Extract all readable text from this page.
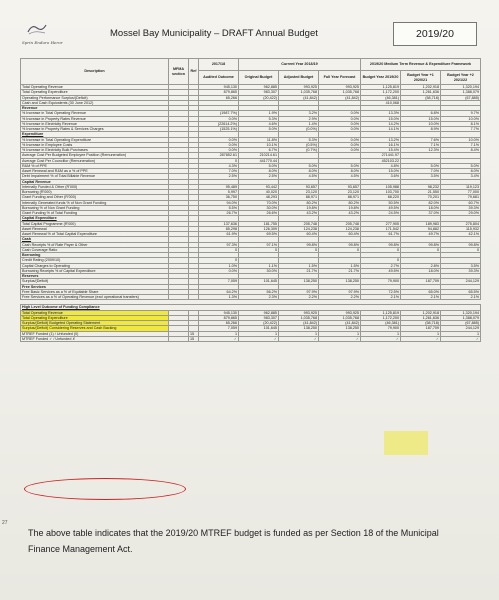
Sprin Enduro Heror
Mossel Bay Municipality – DRAFT Annual Budget	2019/20
Description	MFMA section	Ref	2017/18	Current Year 2018/19			2019/20 Medium Term Revenue & Expenditure Framework		
			Audited Outcome	Original Budget	Adjusted Budget	Full Year Forecast	Budget Year 2019/20	Budget Year +1 2020/21	Budget Year +2 2021/22
Total Operating Revenue			945,130	962,885	993,925	993,925	1,125,819	1,202,918	1,320,194
Total Operating Expenditure			879,865	983,307	1,035,768	1,035,768	1,172,200	1,261,636	1,388,079
Operating Performance Surplus/(Deficit)			65,266	(20,422)	(41,842)	(41,842)	(46,381)	(58,718)	(67,885)
Cash and Cash Equivalents (30 June 2012)							410,068		
Revenue									
% Increase in Total Operating Revenue			(1987.7%)	1.9%	3.2%	0.0%	13.3%	6.8%	9.7%
% Increase in Property Rates Revenue			0.0%	5.3%	2.9%	0.0%	15.0%	15.0%	10.0%
% Increase in Electricity Revenue			(22614.2%)	4.6%	1.4%	0.0%	14.2%	10.0%	8.1%
% Increase in Property Rates & Services Charges			(1525.1%)	5.0%	(0.0%)	0.0%	14.1%	8.9%	7.7%
Expenditure									
% Increase in Total Operating Expenditure			0.0%	11.8%	5.3%	0.0%	13.2%	7.6%	10.0%
% Increase in Employee Costs			0.0%	10.1%	(0.5%)	0.0%	16.1%	7.1%	7.1%
% Increase in Electricity Bulk Purchases			0.0%	6.7%	(0.7%)	0.0%	15.4%	12.3%	8.4%
Average Cost Per Budgeted Employee Position (Remuneration)			287852.61	210214.61			271441.97		
Average Cost Per Councillor (Remuneration)			0	441770.44			452103.22		
R&M % of PPE			4.3%	5.0%	5.0%	5.0%	4.8%	5.0%	5.0%
Asset Renewal and R&M as a % of PPE			7.0%	8.0%	8.0%	8.0%	15.0%	7.0%	8.0%
Debt Impairment % of Total Billable Revenue			2.5%	2.5%	4.5%	4.5%	3.6%	3.5%	3.4%
Capital Revenue									
Internally Funded & Other (R'000)			95,489	93,442	93,657	93,657	105,988	98,232	119,123
Borrowing (R'000)			5,997	40,020	23,120	23,120	103,700	21,550	77,000
Grant Funding and Other (R'000)			36,750	48,293	88,971	88,971	68,220	70,201	79,681
Internally Generated funds % of Non Grant Funding			94.0%	70.0%	80.2%	80.2%	50.5%	82.0%	60.7%
Borrowing % of Non Grant Funding			5.5%	30.0%	19.8%	19.8%	49.5%	18.0%	39.3%
Grant Funding % of Total Funding			26.7%	26.6%	43.2%	43.2%	24.5%	37.0%	29.0%
Capital Expenditure									
Total Capital Programme (R'000)			137,636	181,755	205,748	205,748	277,905	189,983	275,804
Asset Renewal			85,298	126,309	124,238	124,238	171,542	94,882	115,932
Asset Renewal % of Total Capital Expenditure			61.9%	69.5%	60.4%	60.4%	61.7%	49.7%	42.1%
Cash									
Cash Receipts % of Rate Payer & Other			97.3%	97.1%	99.8%	99.8%	99.8%	99.8%	99.8%
Cash Coverage Ratio			0	0	0	0	0	0	0
Borrowing									
Credit Rating (2009/10)			0				0		
Capital Charges to Operating			1.0%	1.1%	1.5%	1.5%	2.7%	2.8%	3.5%
Borrowing Receipts % of Capital Expenditure			0.0%	30.0%	21.7%	21.7%	49.5%	18.0%	39.3%
Reserves									
Surplus/(Deficit)			7,059	101,645	138,250	138,250	79,900	187,709	244,129
Free Services									
Free Basic Services as a % of Equitable Share			64.2%	56.2%	97.9%	97.9%	72.5%	65.0%	65.5%
Free Services as a % of Operating Revenue (excl operational transfers)			1.3%	2.3%	2.2%	2.2%	2.1%	2.1%	2.1%

High Level Outcome of Funding Compliance									
Total Operating Revenue			945,130	962,885	993,925	993,925	1,125,819	1,202,918	1,320,194
Total Operating Expenditure			879,865	983,307	1,035,768	1,035,768	1,172,200	1,261,636	1,388,079
Surplus/(Deficit) Budgeted Operating Statement			65,266	(20,422)	(41,842)	(41,842)	(46,381)	(58,718)	(67,885)
Surplus/(Deficit) Considering Reserves and Cash Backing			7,059	101,645	138,250	138,250	79,900	187,709	244,129
MTREF Funded (1) / Unfunded (0)		15	1	1	1	1	1	1	1
MTREF Funded ✓ / Unfunded ✗		15	✓	✓	✓	✓	✓	✓	✓
27
The above table indicates that the 2019/20 MTREF budget is funded as per Section 18 of the Municipal Finance Management Act.
